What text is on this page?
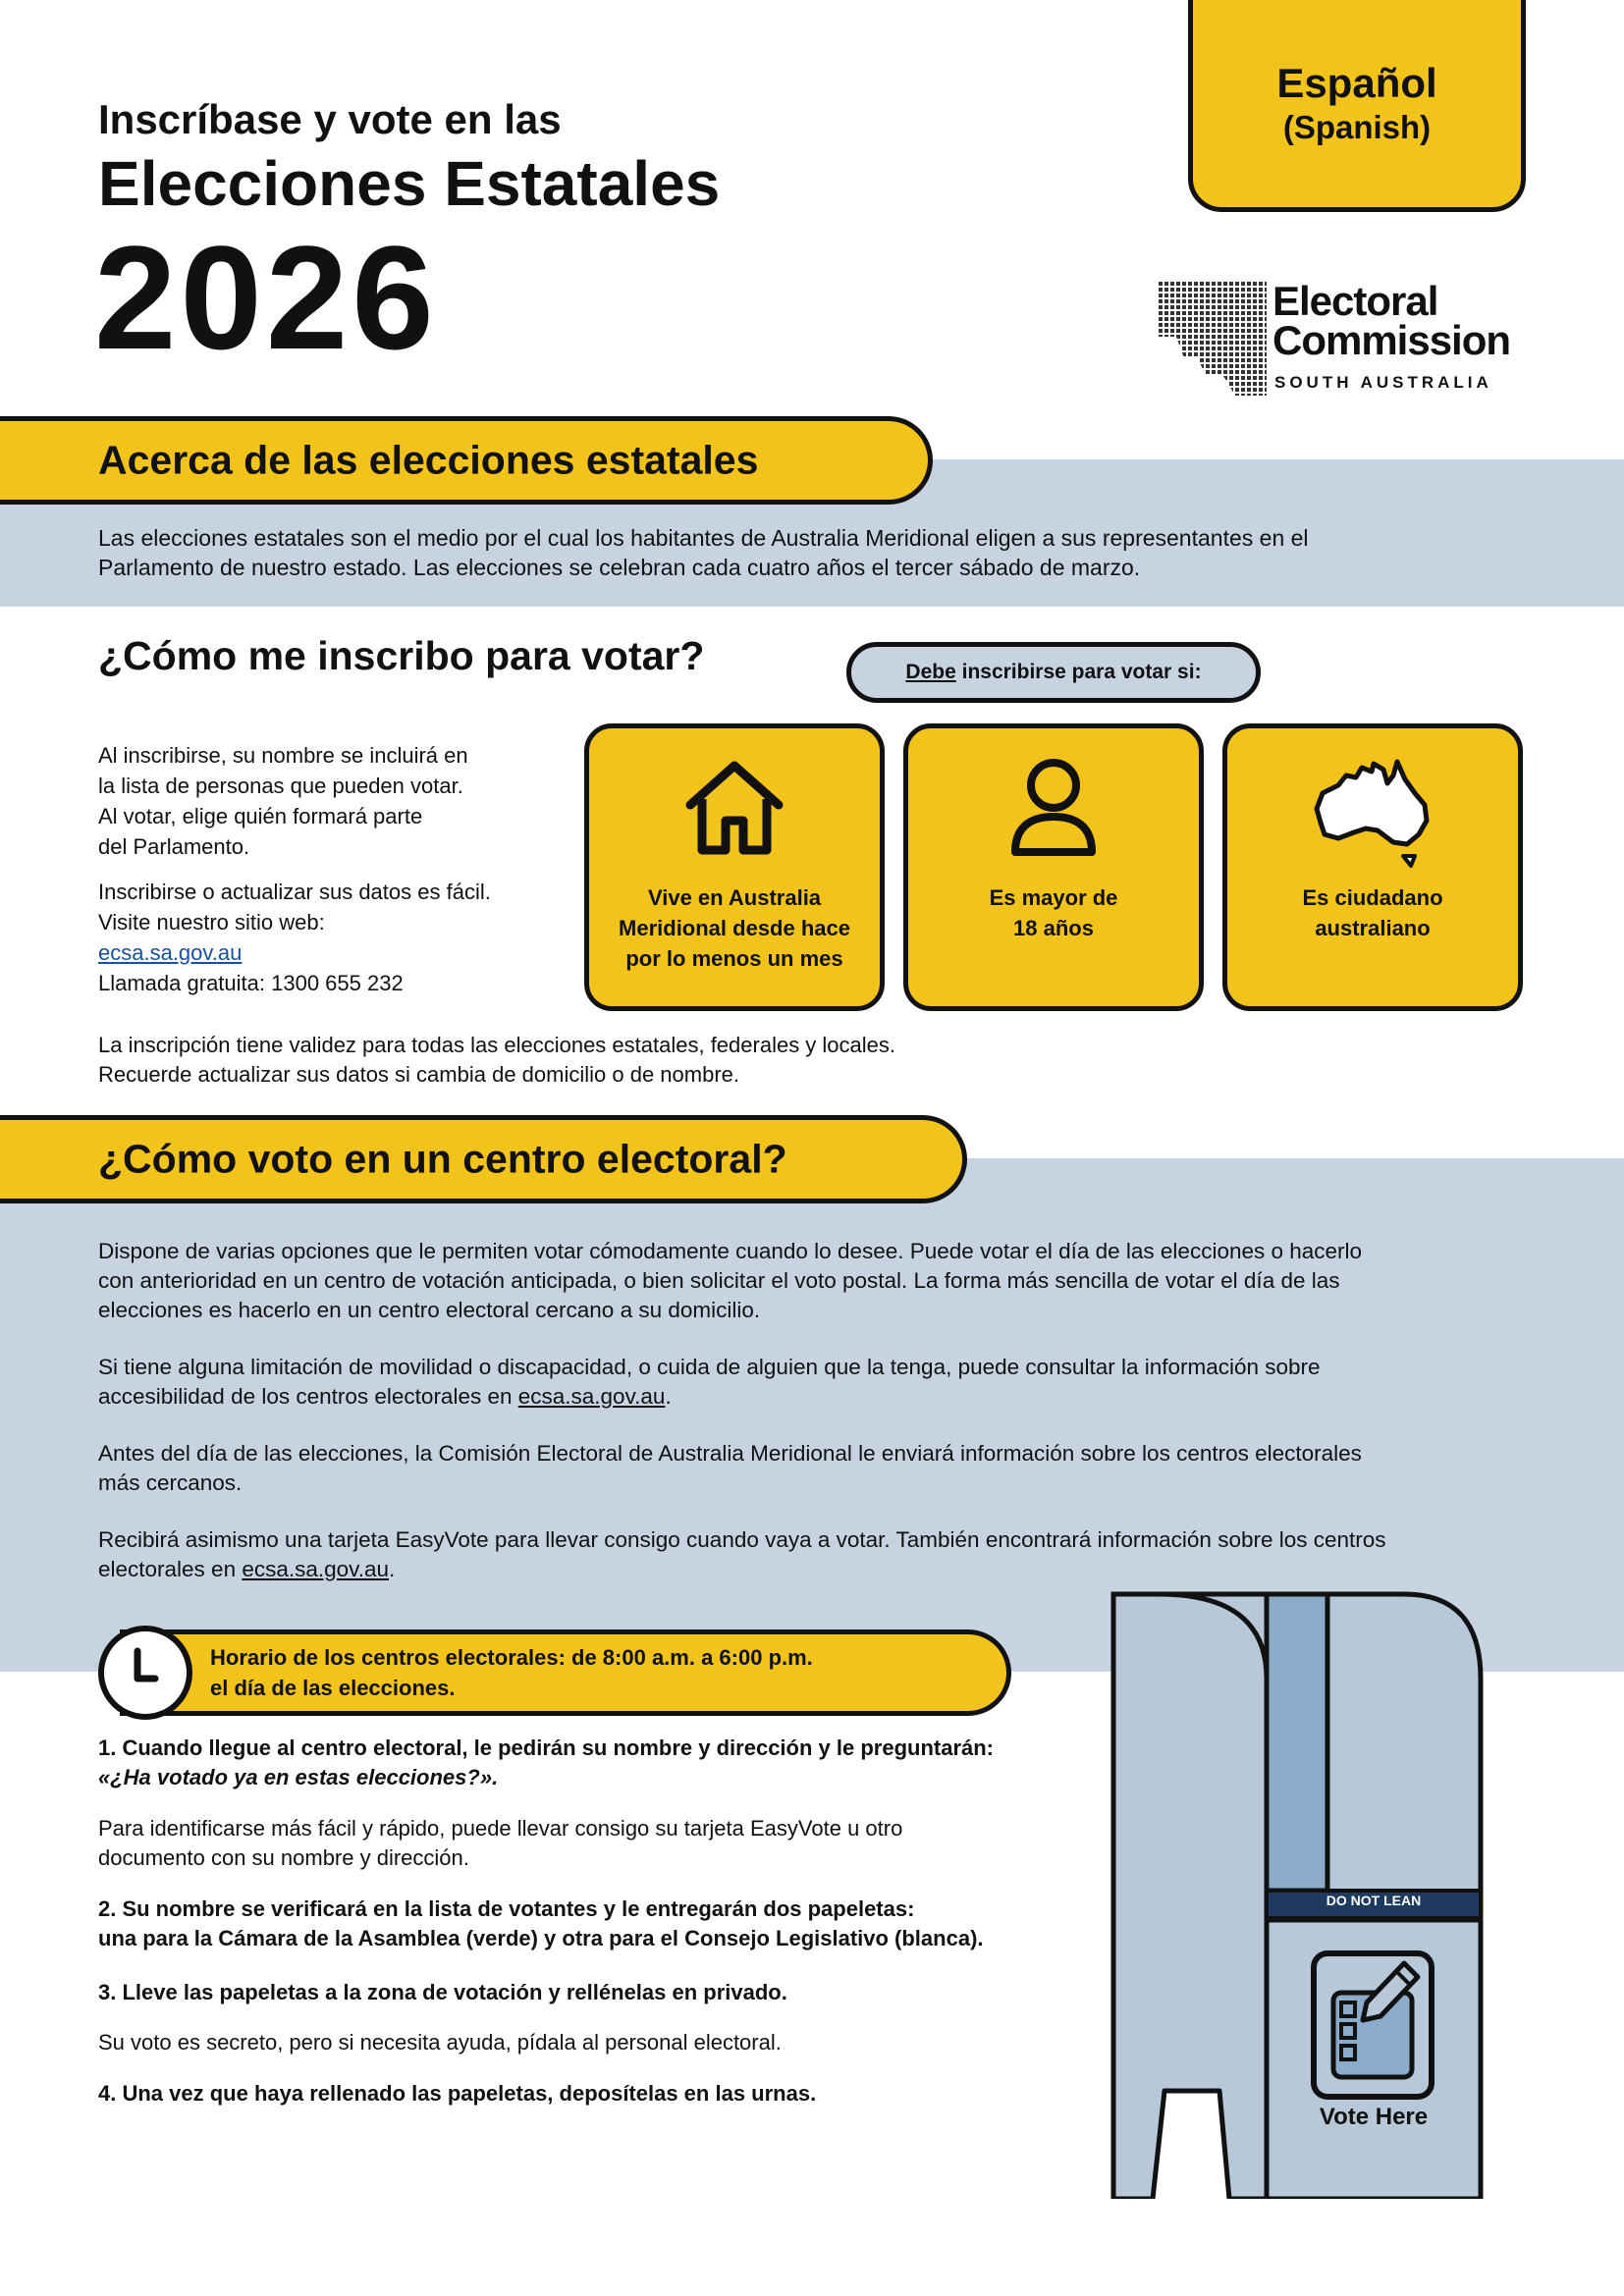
Inscríbase y vote en las
Elecciones Estatales
2026
Español
(Spanish)
Electoral
Commission
SOUTH AUSTRALIA
Acerca de las elecciones estatales

Las elecciones estatales son el medio por el cual los habitantes de Australia Meridional eligen a sus representantes en el

Parlamento de nuestro estado. Las elecciones se celebran cada cuatro años el tercer sábado de marzo.

¿Cómo me inscribo para votar?	Debe inscribirse para votar si:

Al inscribirse, su nombre se incluirá en

la lista de personas que pueden votar.

Al votar, elige quién formará parte

del Parlamento.

Inscribirse o actualizar sus datos es fácil.

Visite nuestro sitio web:

ecsa.sa.gov.au

Llamada gratuita: 1300 655 232

Vive en Australia
Meridional desde hace
por lo menos un mes
Es mayor de
18 años
Es ciudadano
australiano

La inscripción tiene validez para todas las elecciones estatales, federales y locales.

Recuerde actualizar sus datos si cambia de domicilio o de nombre.

¿Cómo voto en un centro electoral?

Dispone de varias opciones que le permiten votar cómodamente cuando lo desee. Puede votar el día de las elecciones o hacerlo

con anterioridad en un centro de votación anticipada, o bien solicitar el voto postal. La forma más sencilla de votar el día de las

elecciones es hacerlo en un centro electoral cercano a su domicilio.

Si tiene alguna limitación de movilidad o discapacidad, o cuida de alguien que la tenga, puede consultar la información sobre

accesibilidad de los centros electorales en ecsa.sa.gov.au.

Antes del día de las elecciones, la Comisión Electoral de Australia Meridional le enviará información sobre los centros electorales

más cercanos.

Recibirá asimismo una tarjeta EasyVote para llevar consigo cuando vaya a votar. También encontrará información sobre los centros

electorales en ecsa.sa.gov.au.

Horario de los centros electorales: de 8:00 a.m. a 6:00 p.m.
el día de las elecciones.

1. Cuando llegue al centro electoral, le pedirán su nombre y dirección y le preguntarán:

«¿Ha votado ya en estas elecciones?».

Para identificarse más fácil y rápido, puede llevar consigo su tarjeta EasyVote u otro

documento con su nombre y dirección.

2. Su nombre se verificará en la lista de votantes y le entregarán dos papeletas:

una para la Cámara de la Asamblea (verde) y otra para el Consejo Legislativo (blanca).

3. Lleve las papeletas a la zona de votación y rellénelas en privado.

Su voto es secreto, pero si necesita ayuda, pídala al personal electoral.

4. Una vez que haya rellenado las papeletas, deposítelas en las urnas.

DO NOT LEAN
Vote Here
